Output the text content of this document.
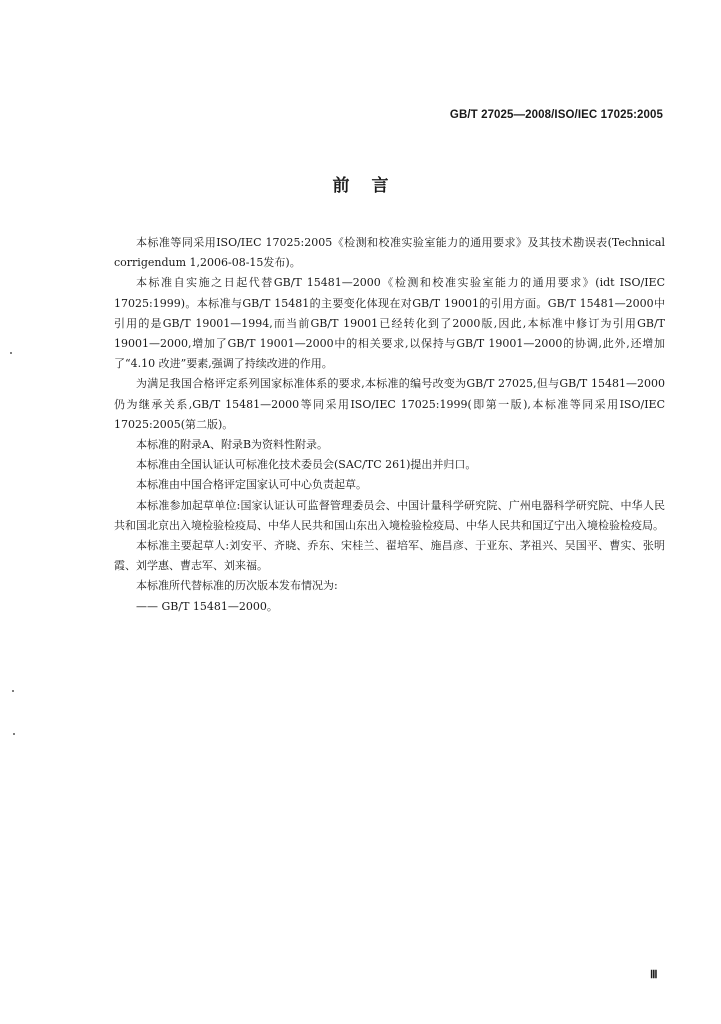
GB/T 27025—2008/ISO/IEC 17025:2005
前言

本标准等同采用ISO/IEC 17025:2005《检测和校准实验室能力的通用要求》及其技术勘误表(Technical corrigendum 1,2006-08-15发布)。

本标准自实施之日起代替GB/T 15481—2000《检测和校准实验室能力的通用要求》(idt ISO/IEC 17025:1999)。本标准与GB/T 15481的主要变化体现在对GB/T 19001的引用方面。GB/T 15481—2000中引用的是GB/T 19001—1994,而当前GB/T 19001已经转化到了2000版,因此,本标准中修订为引用GB/T 19001—2000,增加了GB/T 19001—2000中的相关要求,以保持与GB/T 19001—2000的协调,此外,还增加了“4.10 改进”要素,强调了持续改进的作用。

为满足我国合格评定系列国家标准体系的要求,本标准的编号改变为GB/T 27025,但与GB/T 15481—2000仍为继承关系,GB/T 15481—2000等同采用ISO/IEC 17025:1999(即第一版),本标准等同采用ISO/IEC 17025:2005(第二版)。

本标准的附录A、附录B为资料性附录。

本标准由全国认证认可标准化技术委员会(SAC/TC 261)提出并归口。

本标准由中国合格评定国家认可中心负责起草。

本标准参加起草单位:国家认证认可监督管理委员会、中国计量科学研究院、广州电器科学研究院、中华人民共和国北京出入境检验检疫局、中华人民共和国山东出入境检验检疫局、中华人民共和国辽宁出入境检验检疫局。

本标准主要起草人:刘安平、齐晓、乔东、宋桂兰、翟培军、施昌彦、于亚东、茅祖兴、吴国平、曹实、张明霞、刘学惠、曹志军、刘来福。

本标准所代替标准的历次版本发布情况为:

—— GB/T 15481—2000。

Ⅲ
